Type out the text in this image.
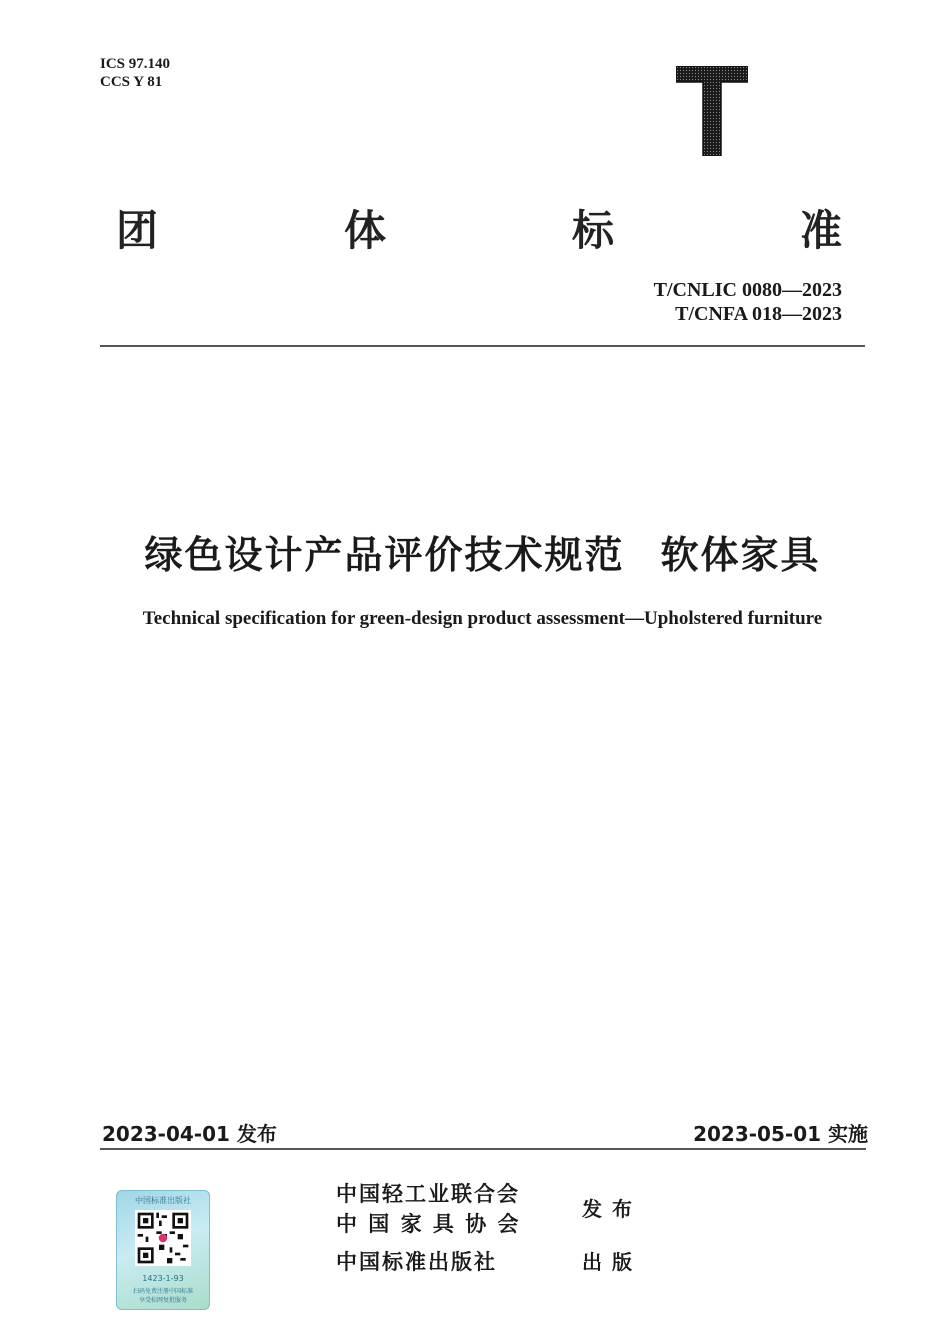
ICS 97.140
CCS Y 81
团	体	标	准
T/CNLIC 0080—2023
T/CNFA 018—2023
绿色设计产品评价技术规范 软体家具
Technical specification for green-design product assessment—Upholstered furniture
2023-04-01 发布	2023-05-01 实施
中国标准出版社
1423-1-93
扫码免费注册中国标准
享受标网复批服务
中国轻工业联合会
中 国 家 具 协 会
发布
中国标准出版社	出版
